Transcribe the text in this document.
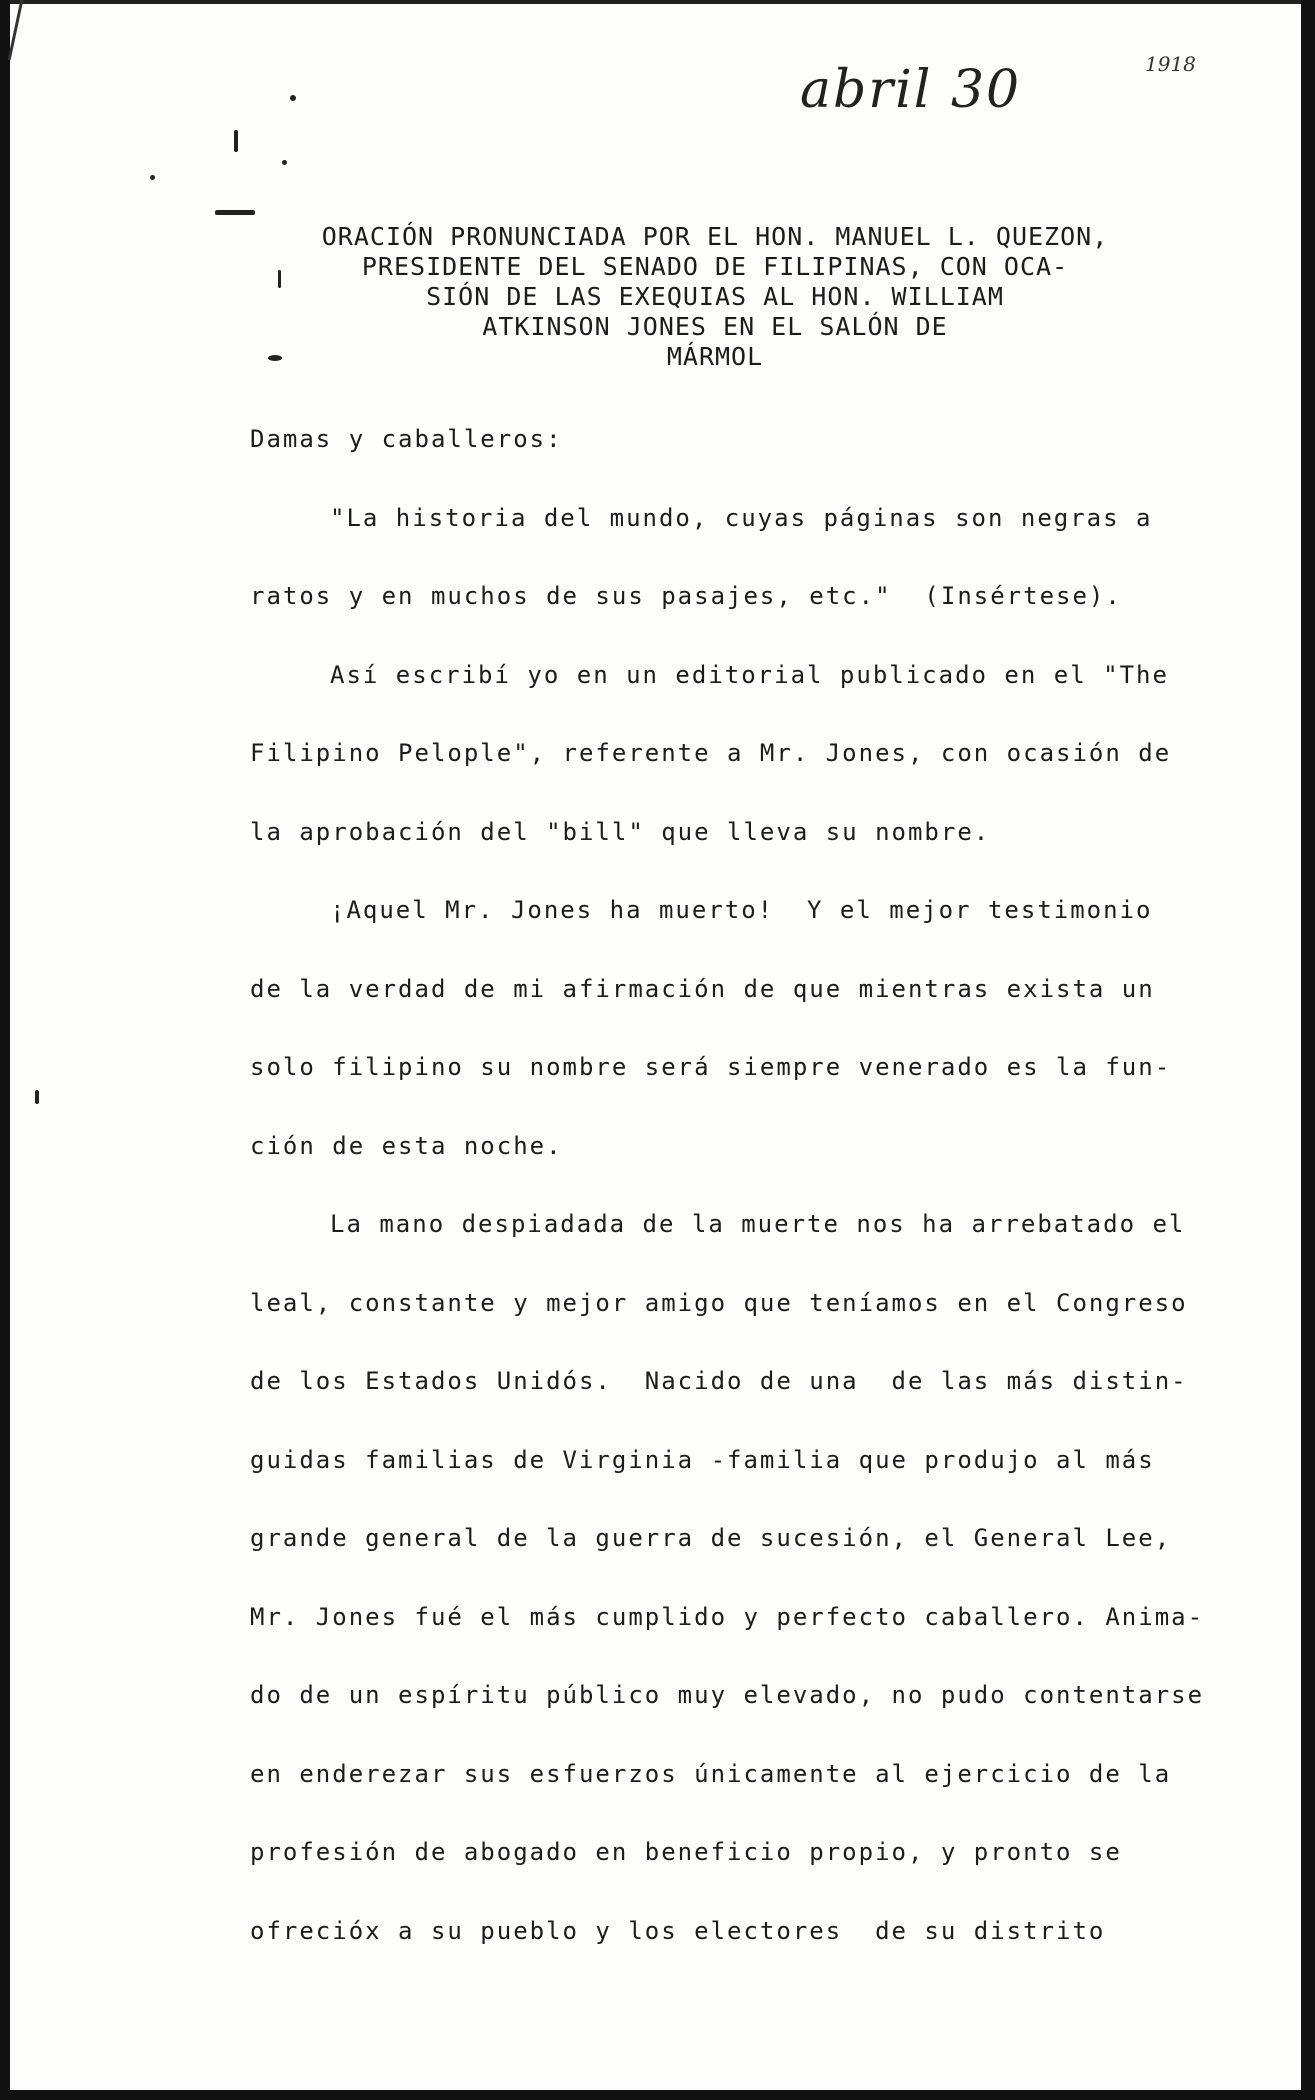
abril 30	1918
ORACIÓN PRONUNCIADA POR EL HON. MANUEL L. QUEZON,
PRESIDENTE DEL SENADO DE FILIPINAS, CON OCA-
SIÓN DE LAS EXEQUIAS AL HON. WILLIAM
ATKINSON JONES EN EL SALÓN DE
MÁRMOL
Damas y caballeros:
"La historia del mundo, cuyas páginas son negras a
ratos y en muchos de sus pasajes, etc."  (Insértese).
Así escribí yo en un editorial publicado en el "The
Filipino Pelople", referente a Mr. Jones, con ocasión de
la aprobación del "bill" que lleva su nombre.
¡Aquel Mr. Jones ha muerto!  Y el mejor testimonio
de la verdad de mi afirmación de que mientras exista un
solo filipino su nombre será siempre venerado es la fun-
ción de esta noche.
La mano despiadada de la muerte nos ha arrebatado el
leal, constante y mejor amigo que teníamos en el Congreso
de los Estados Unidós.  Nacido de una  de las más distin-
guidas familias de Virginia -familia que produjo al más
grande general de la guerra de sucesión, el General Lee,
Mr. Jones fué el más cumplido y perfecto caballero. Anima-
do de un espíritu público muy elevado, no pudo contentarse
en enderezar sus esfuerzos únicamente al ejercicio de la
profesión de abogado en beneficio propio, y pronto se
ofrecióx a su pueblo y los electores  de su distrito
